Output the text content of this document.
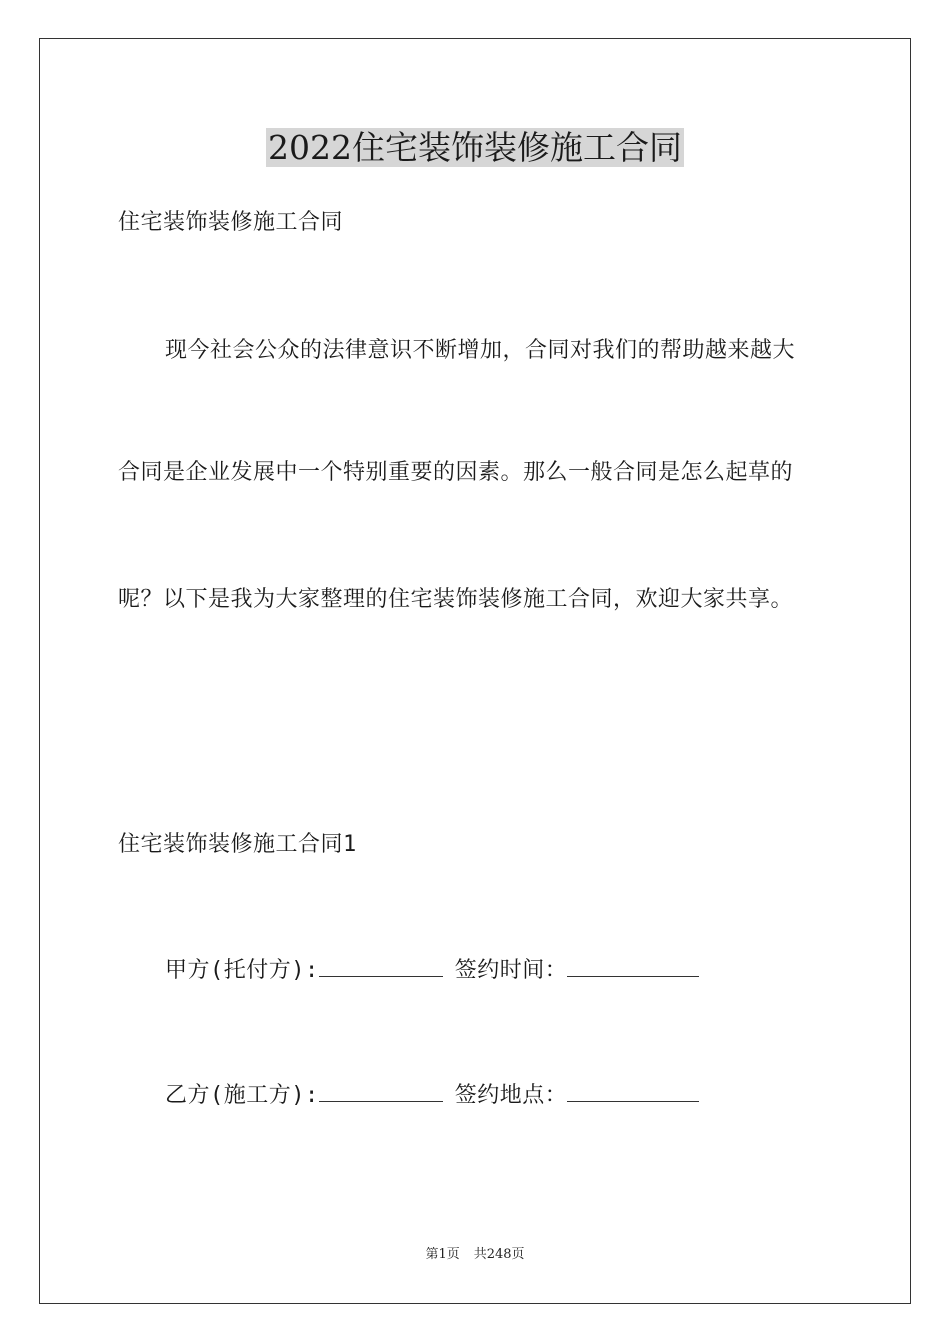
2022住宅装饰装修施工合同
住宅装饰装修施工合同
现今社会公众的法律意识不断增加，合同对我们的帮助越来越大
合同是企业发展中一个特别重要的因素。那么一般合同是怎么起草的
呢？以下是我为大家整理的住宅装饰装修施工合同，欢迎大家共享。
住宅装饰装修施工合同1
甲方(托付方):	签约时间：
乙方(施工方):	签约地点：
第1页 共248页
